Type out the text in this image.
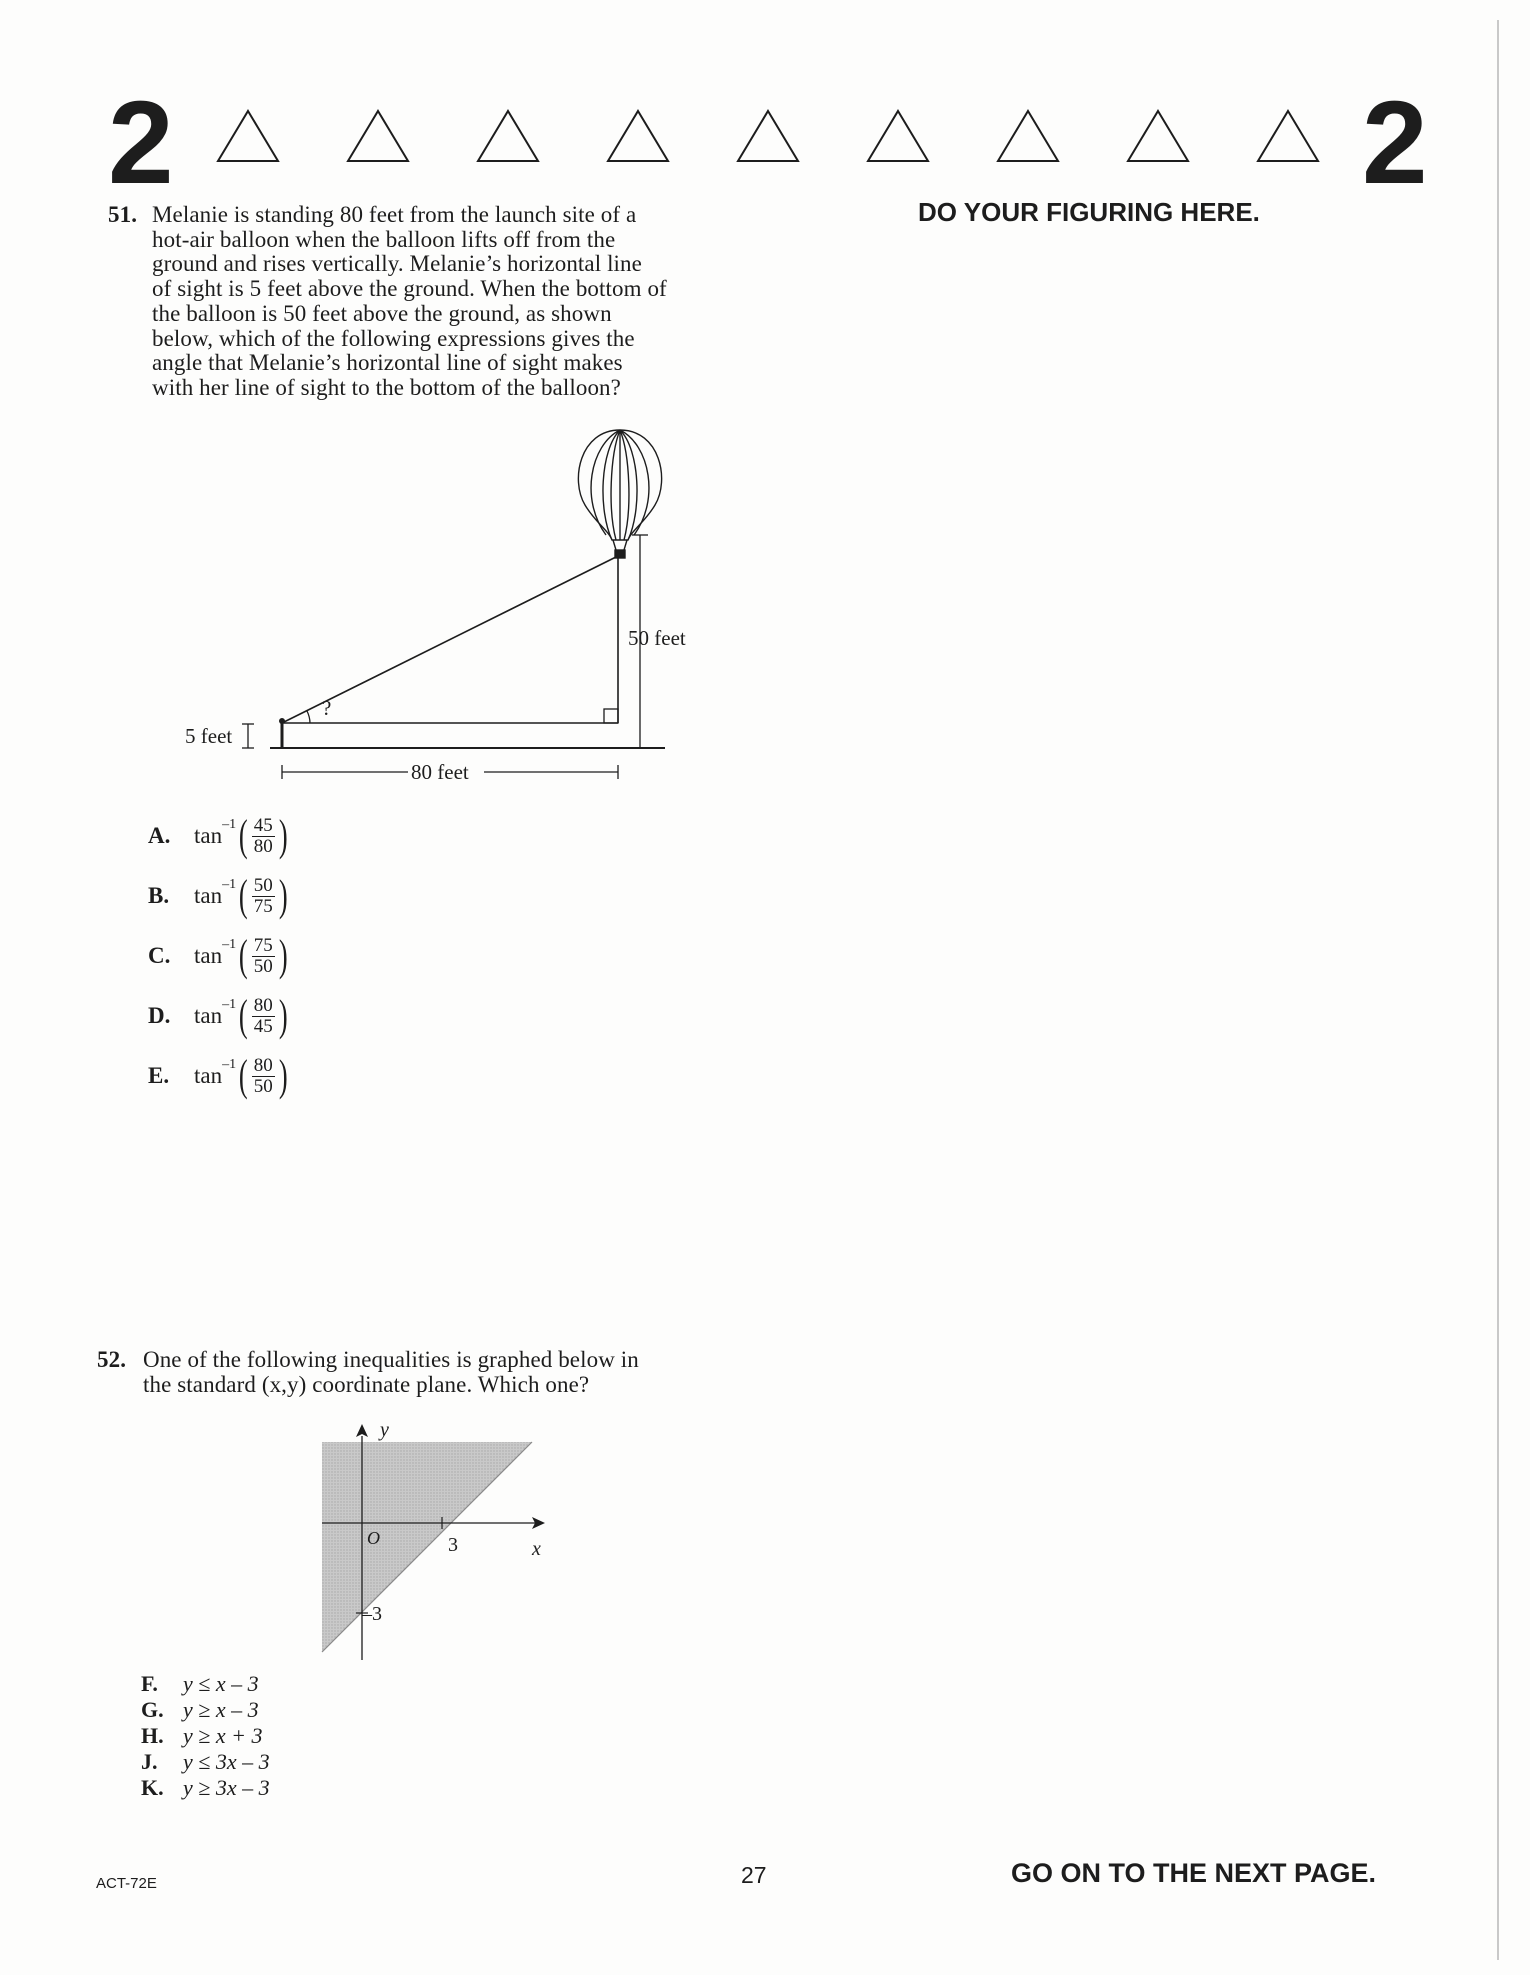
2	2
51. Melanie is standing 80 feet from the launch site of a
hot-air balloon when the balloon lifts off from the
ground and rises vertically. Melanie’s horizontal line
of sight is 5 feet above the ground. When the bottom of
the balloon is 50 feet above the ground, as shown
below, which of the following expressions gives the
angle that Melanie’s horizontal line of sight makes
with her line of sight to the bottom of the balloon?
?
50 feet
5 feet
80 feet
A.	tan –1 ( $\frac{45}{80}$ )
B.	tan –1 ( $\frac{50}{75}$ )
C.	tan –1 ( $\frac{75}{50}$ )
D.	tan –1 ( $\frac{80}{45}$ )
E.	tan –1 ( $\frac{80}{50}$ )
52. One of the following inequalities is graphed below in
the standard (x,y) coordinate plane. Which one?
y
x
O	3
–3
F. y ≤ x – 3
G. y ≥ x – 3
H. y ≥ x + 3
J. y ≤ 3x – 3
K. y ≥ 3x – 3
DO YOUR FIGURING HERE.
ACT-72E	27	GO ON TO THE NEXT PAGE.
